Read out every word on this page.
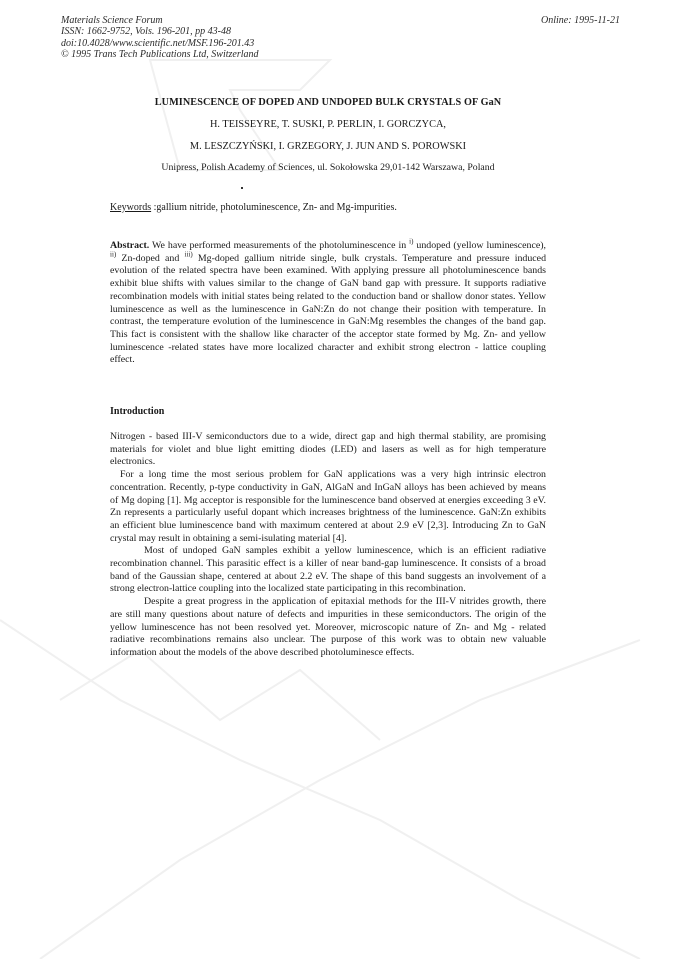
Materials Science Forum
ISSN: 1662-9752, Vols. 196-201, pp 43-48
doi:10.4028/www.scientific.net/MSF.196-201.43
© 1995 Trans Tech Publications Ltd, Switzerland
Online: 1995-11-21
LUMINESCENCE OF DOPED AND UNDOPED BULK CRYSTALS OF GaN
H. TEISSEYRE, T. SUSKI, P. PERLIN, I. GORCZYCA,
M. LESZCZYŃSKI, I. GRZEGORY, J. JUN AND S. POROWSKI
Unipress, Polish Academy of Sciences, ul. Sokołowska 29,01-142 Warszawa, Poland
Keywords :gallium nitride, photoluminescence, Zn- and Mg-impurities.
Abstract. We have performed measurements of the photoluminescence in $^{i)}$ undoped (yellow luminescence), $^{ii)}$ Zn-doped and $^{iii)}$ Mg-doped gallium nitride single, bulk crystals. Temperature and pressure induced evolution of the related spectra have been examined. With applying pressure all photoluminescence bands exhibit blue shifts with values similar to the change of GaN band gap with pressure. It supports radiative recombination models with initial states being related to the conduction band or shallow donor states. Yellow luminescence as well as the luminescence in GaN:Zn do not change their position with temperature. In contrast, the temperature evolution of the luminescence in GaN:Mg resembles the changes of the band gap. This fact is consistent with the shallow like character of the acceptor state formed by Mg. Zn- and yellow luminescence -related states have more localized character and exhibit strong electron - lattice coupling effect.
Introduction

Nitrogen - based III-V semiconductors due to a wide, direct gap and high thermal stability, are promising materials for violet and blue light emitting diodes (LED) and lasers as well as for high temperature electronics.

For a long time the most serious problem for GaN applications was a very high intrinsic electron concentration. Recently, p-type conductivity in GaN, AlGaN and InGaN alloys has been achieved by means of Mg doping [1]. Mg acceptor is responsible for the luminescence band observed at energies exceeding 3 eV. Zn represents a particularly useful dopant which increases brightness of the luminescence. GaN:Zn exhibits an efficient blue luminescence band with maximum centered at about 2.9 eV [2,3]. Introducing Zn to GaN crystal may result in obtaining a semi-isulating material [4].

Most of undoped GaN samples exhibit a yellow luminescence, which is an efficient radiative recombination channel. This parasitic effect is a killer of near band-gap luminescence. It consists of a broad band of the Gaussian shape, centered at about 2.2 eV. The shape of this band suggests an involvement of a strong electron-lattice coupling into the localized state participating in this recombination.

Despite a great progress in the application of epitaxial methods for the III-V nitrides growth, there are still many questions about nature of defects and impurities in these semiconductors. The origin of the yellow luminescence has not been resolved yet. Moreover, microscopic nature of Zn- and Mg - related radiative recombinations remains also unclear. The purpose of this work was to obtain new valuable information about the models of the above described photoluminesce effects.
